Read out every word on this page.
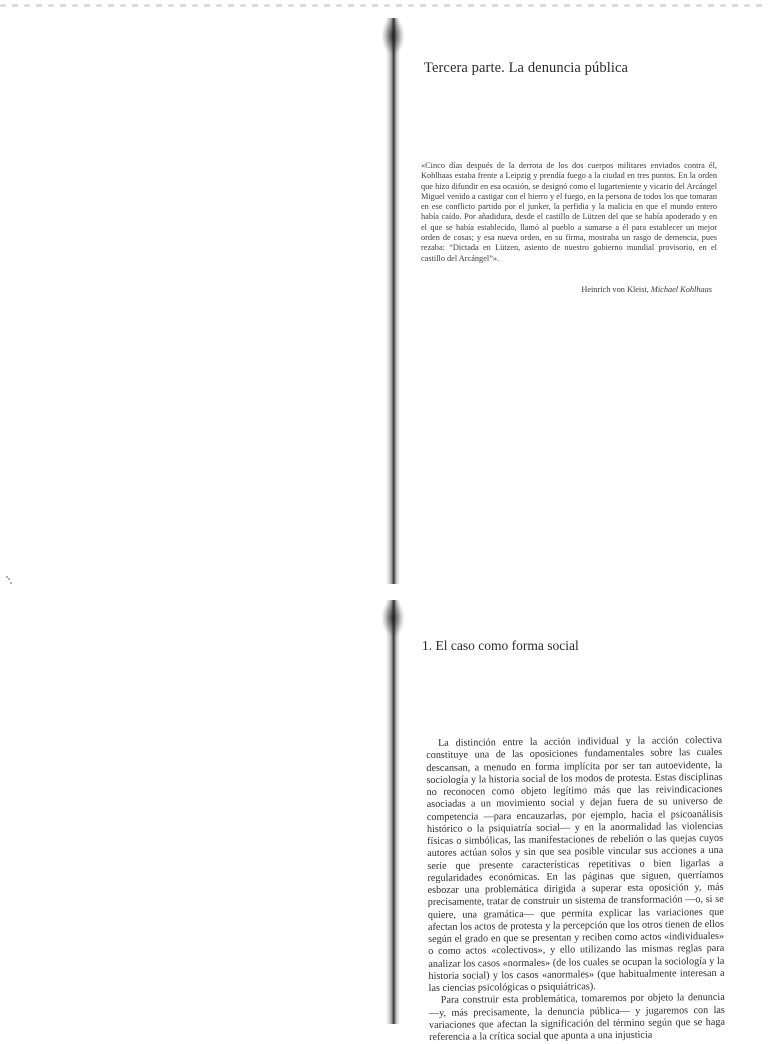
Tercera parte. La denuncia pública
«Cinco días después de la derrota de los dos cuerpos militares enviados contra él, Kohlhaas estaba frente a Leipzig y prendía fuego a la ciudad en tres puntos. En la orden que hizo difundir en esa ocasión, se designó como el lugarteniente y vicario del Arcángel Miguel venido a castigar con el hierro y el fuego, en la persona de todos los que tomaran en ese conflicto partido por el junker, la perfidia y la malicia en que el mundo entero había caído. Por añadidura, desde el castillo de Lützen del que se había apoderado y en el que se había establecido, llamó al pueblo a sumarse a él para establecer un mejor orden de cosas; y esa nueva orden, en su firma, mostraba un rasgo de demencia, pues rezaba: “Dictada en Lützen, asiento de nuestro gobierno mundial provisorio, en el castillo del Arcángel”».
Heinrich von Kleist, Michael Kohlhaas
1. El caso como forma social

La distinción entre la acción individual y la acción colectiva constituye una de las oposiciones fundamentales sobre las cuales descansan, a menudo en forma implícita por ser tan autoevidente, la sociología y la historia social de los modos de protesta. Estas disciplinas no reconocen como objeto legítimo más que las reivindicaciones asociadas a un movimiento social y dejan fuera de su universo de competencia —para encauzarlas, por ejemplo, hacia el psicoanálisis histórico o la psiquiatría social— y en la anormalidad las violencias físicas o simbólicas, las manifestaciones de rebelión o las quejas cuyos autores actúan solos y sin que sea posible vincular sus acciones a una serie que presente características repetitivas o bien ligarlas a regularidades económicas. En las páginas que siguen, querríamos esbozar una problemática dirigida a superar esta oposición y, más precisamente, tratar de construir un sistema de transformación —o, si se quiere, una gramática— que permita explicar las variaciones que afectan los actos de protesta y la percepción que los otros tienen de ellos según el grado en que se presentan y reciben como actos «individuales» o como actos «colectivos», y ello utilizando las mismas reglas para analizar los casos «normales» (de los cuales se ocupan la sociología y la historia social) y los casos «anormales» (que habitualmente interesan a las ciencias psicológicas o psiquiátricas).

Para construir esta problemática, tomaremos por objeto la denuncia —y, más precisamente, la denuncia pública— y jugaremos con las variaciones que afectan la significación del término según que se haga referencia a la crítica social que apunta a una injusticia
